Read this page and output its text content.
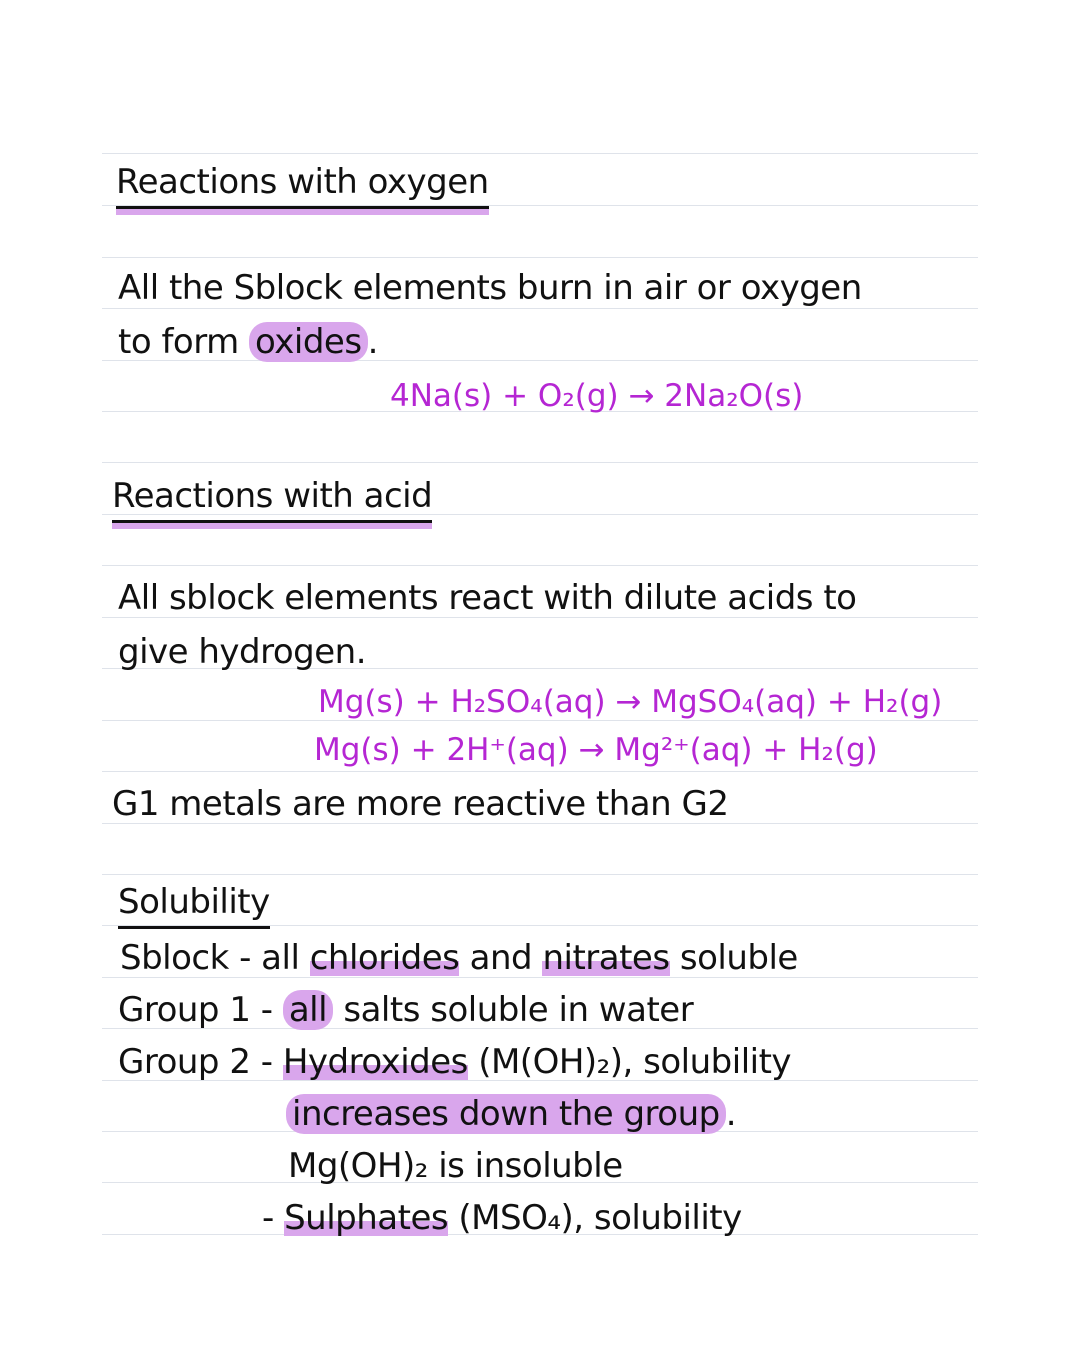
Reactions with oxygen
All the Sblock elements burn in air or oxygen
to form oxides .
4Na(s) + O₂(g) → 2Na₂O(s)
Reactions with acid
All sblock elements react with dilute acids to
give hydrogen.
Mg(s) + H₂SO₄(aq) → MgSO₄(aq) + H₂(g)
Mg(s) + 2H⁺(aq) → Mg²⁺(aq) + H₂(g)
G1 metals are more reactive than G2
Solubility
Sblock - all chlorides and nitrates soluble
Group 1 - all salts soluble in water
Group 2 - Hydroxides (M(OH)₂), solubility
increases down the group .
Mg(OH)₂ is insoluble
- Sulphates (MSO₄), solubility
